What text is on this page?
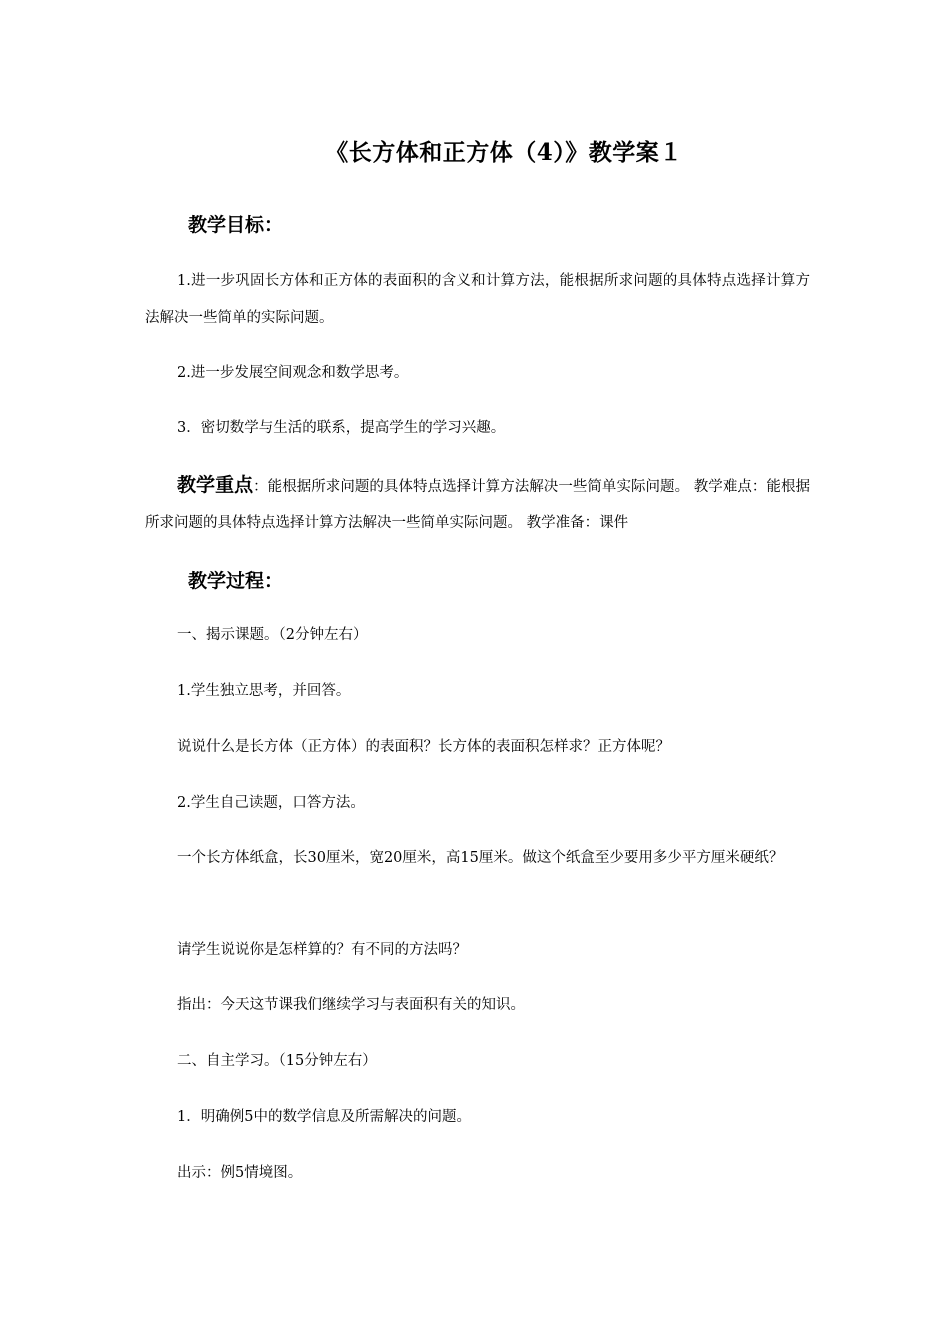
《长方体和正方体（4）》教学案１
教学目标：
1.进一步巩固长方体和正方体的表面积的含义和计算方法，能根据所求问题的具体特点选择计算方法解决一些简单的实际问题。
2.进一步发展空间观念和数学思考。
3．密切数学与生活的联系，提高学生的学习兴趣。
教学重点：能根据所求问题的具体特点选择计算方法解决一些简单实际问题。 教学难点：能根据所求问题的具体特点选择计算方法解决一些简单实际问题。 教学准备：课件
教学过程：
一、揭示课题。（2分钟左右）
1.学生独立思考，并回答。
说说什么是长方体（正方体）的表面积？长方体的表面积怎样求？正方体呢？
2.学生自己读题，口答方法。
一个长方体纸盒，长30厘米，宽20厘米，高15厘米。做这个纸盒至少要用多少平方厘米硬纸？
请学生说说你是怎样算的？有不同的方法吗？
指出：今天这节课我们继续学习与表面积有关的知识。
二、自主学习。（15分钟左右）
1．明确例5中的数学信息及所需解决的问题。
出示：例5情境图。
